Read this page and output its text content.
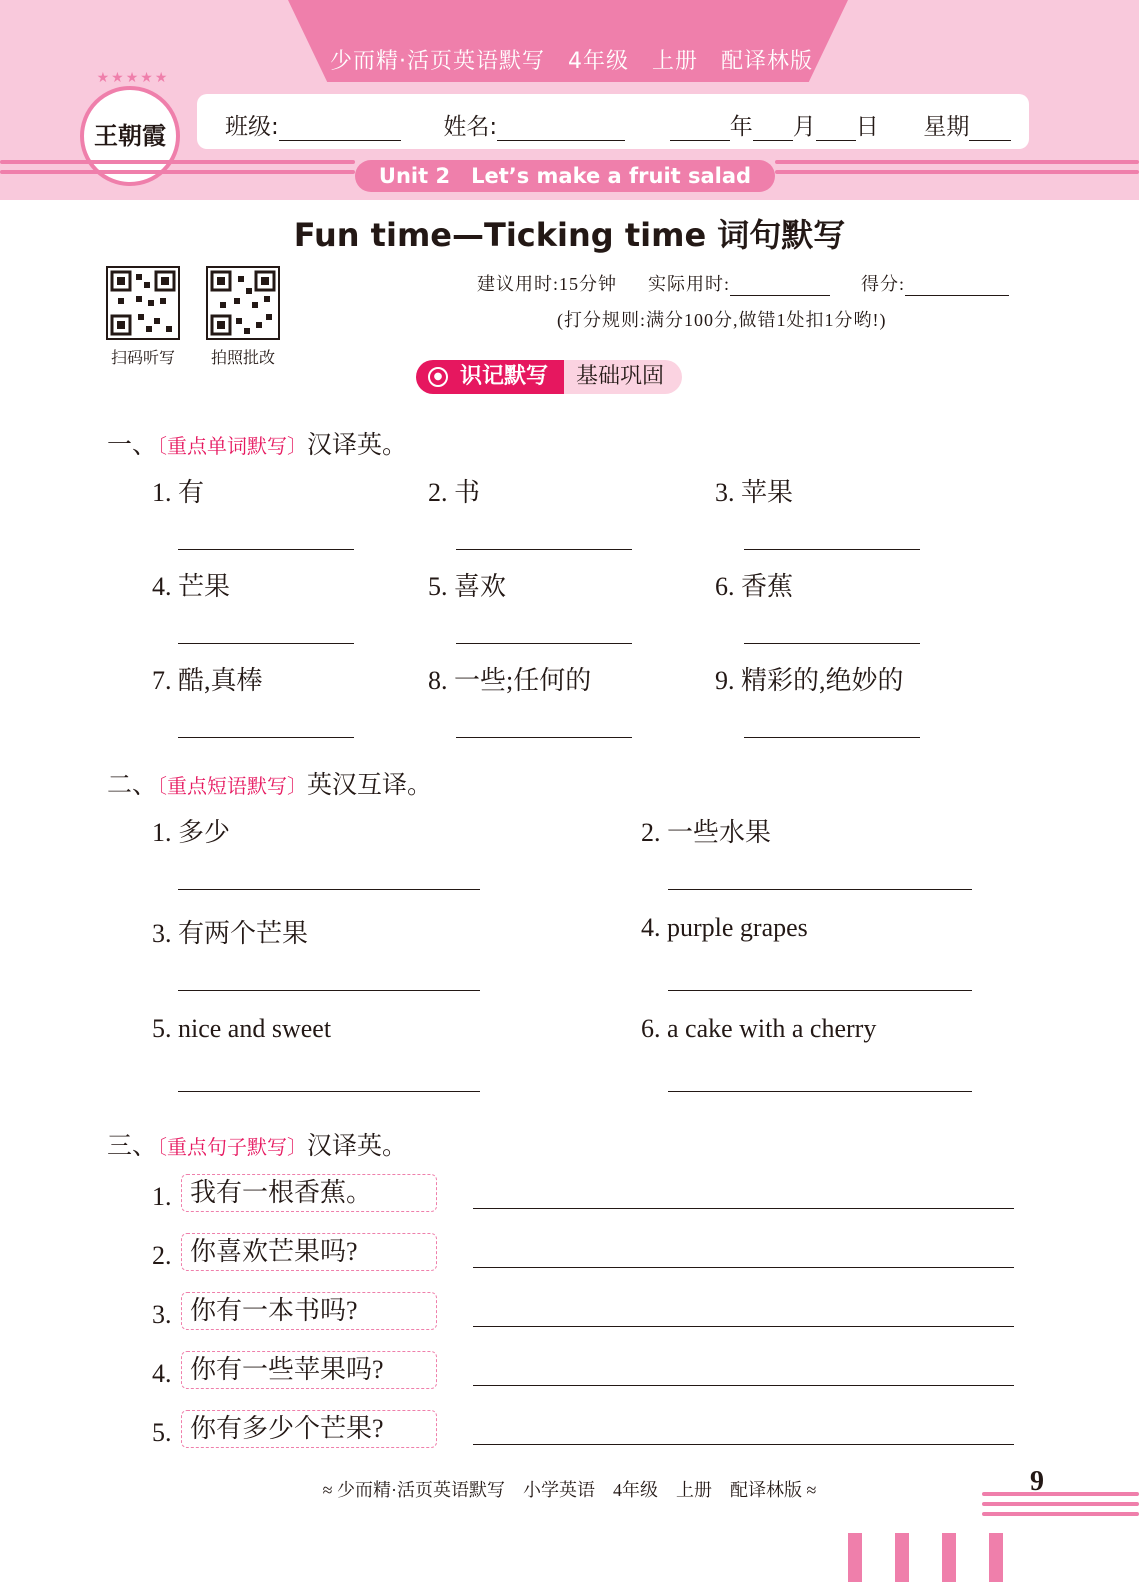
少而精·活页英语默写　4年级　上册　配译林版
★★★★★
王朝霞	班级:	姓名:	年 月 日 星期
Unit 2　Let’s make a fruit salad
Fun time—Ticking time 词句默写
扫码听写	拍照批改
建议用时:15分钟 实际用时:	得分:
(打分规则:满分100分,做错1处扣1分哟!)
● 识记默写	基础巩固
一、〔重点单词默写〕汉译英。
1. 有	2. 书	3. 苹果
4. 芒果	5. 喜欢	6. 香蕉
7. 酷,真棒	8. 一些;任何的	9. 精彩的,绝妙的
二、〔重点短语默写〕英汉互译。
1. 多少	2. 一些水果
3. 有两个芒果	4. purple grapes
5. nice and sweet	6. a cake with a cherry
三、〔重点句子默写〕汉译英。
1. 我有一根香蕉。
2. 你喜欢芒果吗?
3. 你有一本书吗?
4. 你有一些苹果吗?
5. 你有多少个芒果?
≈ 少而精·活页英语默写　小学英语　4年级　上册　配译林版 ≈	9
